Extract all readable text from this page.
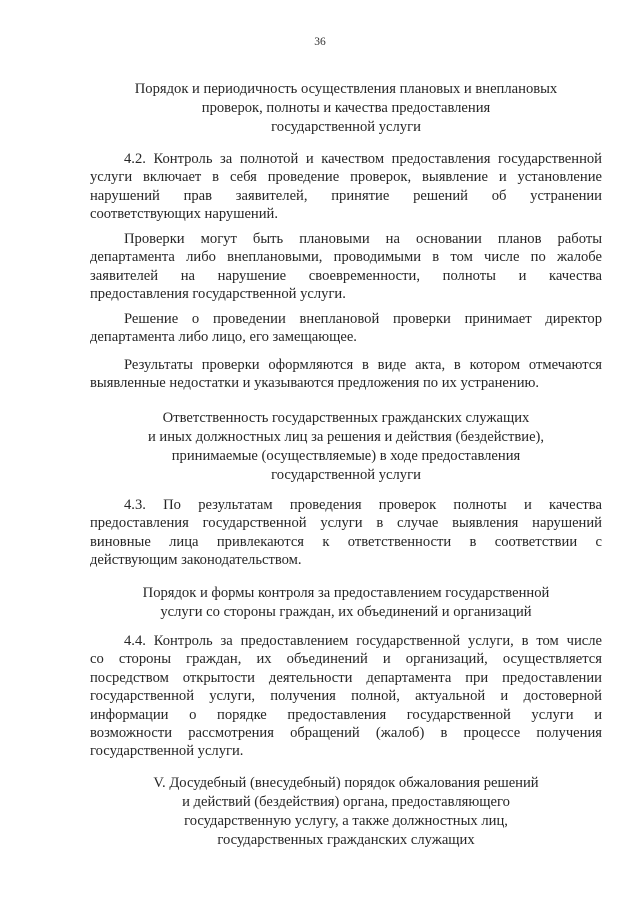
36
Порядок и периодичность осуществления плановых и внеплановых
проверок, полноты и качества предоставления
государственной услуги
4.2. Контроль за полнотой и качеством предоставления государственной
услуги включает в себя проведение проверок, выявление и установление
нарушений прав заявителей, принятие решений об устранении
соответствующих нарушений.
Проверки могут быть плановыми на основании планов работы
департамента либо внеплановыми, проводимыми в том числе по жалобе
заявителей на нарушение своевременности, полноты и качества
предоставления государственной услуги.
Решение о проведении внеплановой проверки принимает директор
департамента либо лицо, его замещающее.
Результаты проверки оформляются в виде акта, в котором отмечаются
выявленные недостатки и указываются предложения по их устранению.
Ответственность государственных гражданских служащих
и иных должностных лиц за решения и действия (бездействие),
принимаемые (осуществляемые) в ходе предоставления
государственной услуги
4.3. По результатам проведения проверок полноты и качества
предоставления государственной услуги в случае выявления нарушений
виновные лица привлекаются к ответственности в соответствии с
действующим законодательством.
Порядок и формы контроля за предоставлением государственной
услуги со стороны граждан, их объединений и организаций
4.4. Контроль за предоставлением государственной услуги, в том числе
со стороны граждан, их объединений и организаций, осуществляется
посредством открытости деятельности департамента при предоставлении
государственной услуги, получения полной, актуальной и достоверной
информации о порядке предоставления государственной услуги и
возможности рассмотрения обращений (жалоб) в процессе получения
государственной услуги.
V. Досудебный (внесудебный) порядок обжалования решений
и действий (бездействия) органа, предоставляющего
государственную услугу, а также должностных лиц,
государственных гражданских служащих
